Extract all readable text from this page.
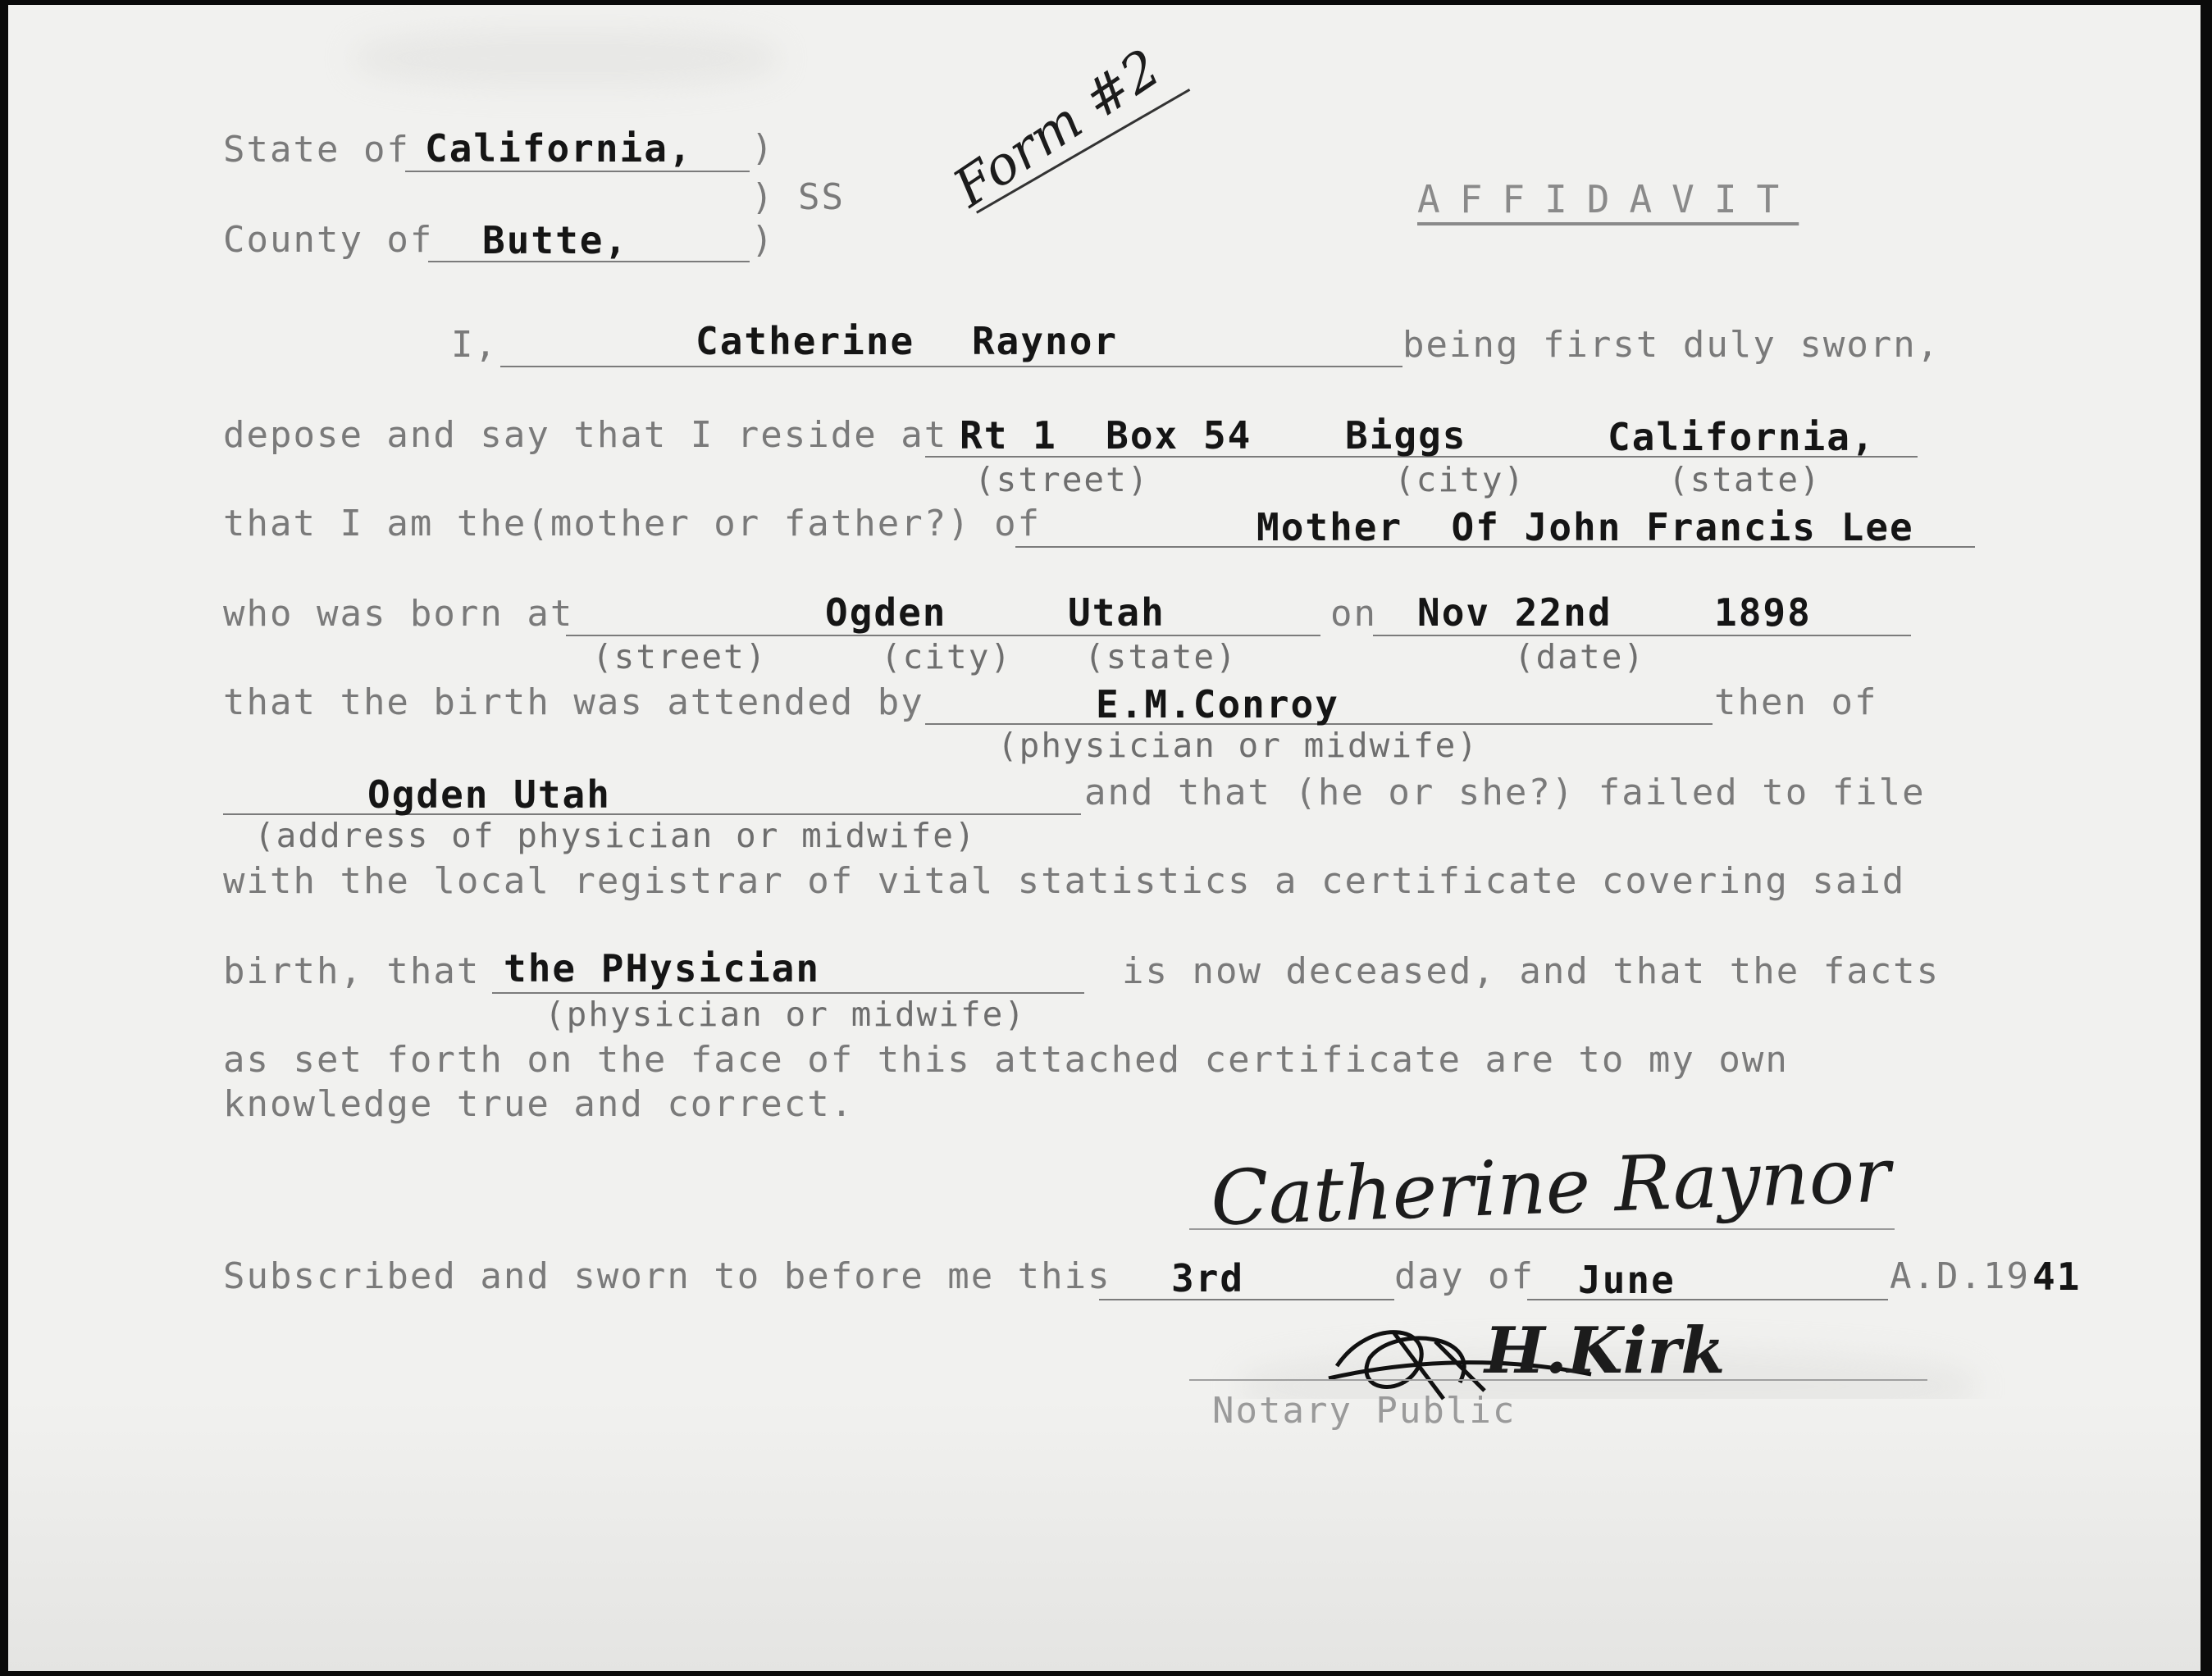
State of California, )
) SS
County of Butte,	)
Form #2	AFFIDAVIT
I,	Catherine Raynor	being first duly sworn,
depose and say that I reside at Rt 1  Box 54 Biggs	California,
(street)	(city)	(state)
that I am the(mother or father?) of	Mother  Of John Francis Lee
who was born at	Ogden	Utah	on Nov 22nd	1898
(street)	(city) (state)	(date)
that the birth was attended by	E.M.Conroy	then of
(physician or midwife)
Ogden Utah	and that (he or she?) failed to file
(address of physician or midwife)
with the local registrar of vital statistics a certificate covering said
birth, that the PHysician	is now deceased, and that the facts
(physician or midwife)
as set forth on the face of this attached certificate are to my own
knowledge true and correct.
Catherine Raynor
Subscribed and sworn to before me this 3rd	day of June	A.D.19 41
H.Kirk
Notary Public
